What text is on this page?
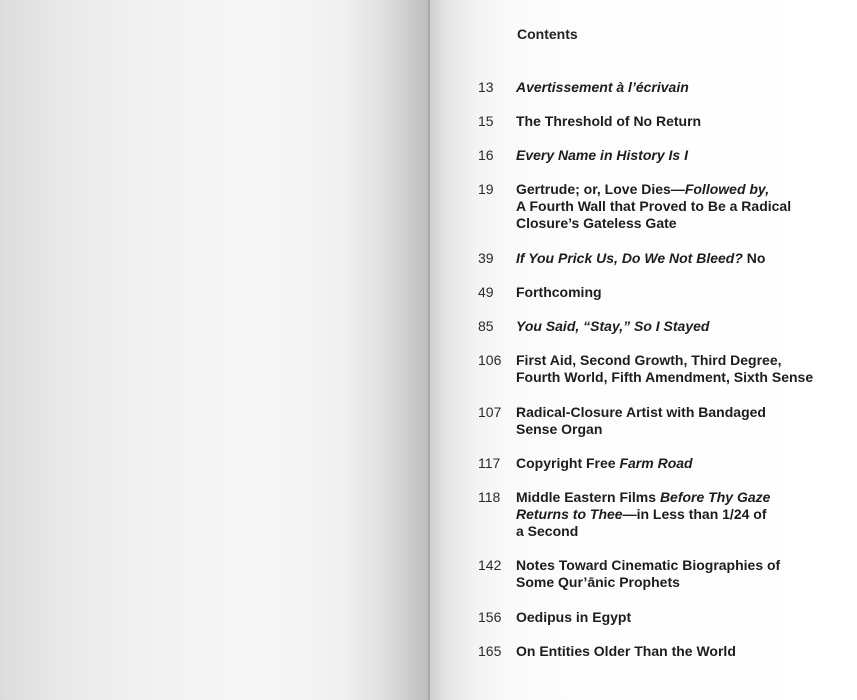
Contents
13 Avertissement à l’écrivain
15 The Threshold of No Return
16 Every Name in History Is I
19 Gertrude; or, Love Dies—Followed by,
A Fourth Wall that Proved to Be a Radical
Closure’s Gateless Gate
39 If You Prick Us, Do We Not Bleed? No
49 Forthcoming
85 You Said, “Stay,” So I Stayed
106 First Aid, Second Growth, Third Degree,
Fourth World, Fifth Amendment, Sixth Sense
107 Radical-Closure Artist with Bandaged
Sense Organ
117 Copyright Free Farm Road
118 Middle Eastern Films Before Thy Gaze
Returns to Thee—in Less than 1/24 of
a Second
142 Notes Toward Cinematic Biographies of
Some Qur’ānic Prophets
156 Oedipus in Egypt
165 On Entities Older Than the World
